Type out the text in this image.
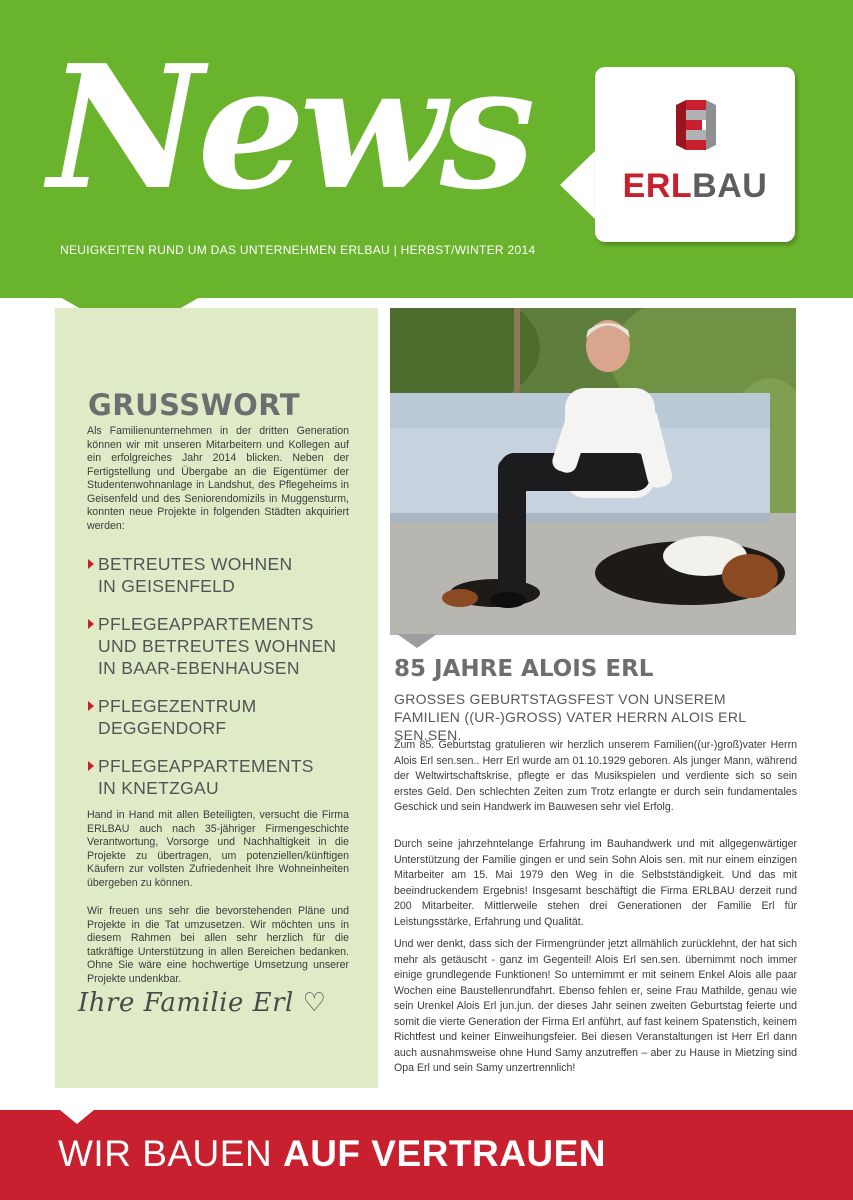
News
NEUIGKEITEN RUND UM DAS UNTERNEHMEN ERLBAU | HERBST/WINTER 2014
ERLBAU
GRUSSWORT
Als Familienunternehmen in der dritten Generation können wir mit unseren Mitarbeitern und Kollegen auf ein erfolgreiches Jahr 2014 blicken. Neben der Fertigstellung und Übergabe an die Eigentümer der Studentenwohnanlage in Landshut, des Pflegeheims in Geisenfeld und des Seniorendomizils in Muggensturm, konnten neue Projekte in folgenden Städten akquiriert werden:
BETREUTES WOHNEN
IN GEISENFELD
PFLEGEAPPARTEMENTS
UND BETREUTES WOHNEN
IN BAAR-EBENHAUSEN
PFLEGEZENTRUM
DEGGENDORF
PFLEGEAPPARTEMENTS
IN KNETZGAU
Hand in Hand mit allen Beteiligten, versucht die Firma ERLBAU auch nach 35-jähriger Firmengeschichte Verantwortung, Vorsorge und Nachhaltigkeit in die Projekte zu übertragen, um potenziellen/künftigen Käufern zur vollsten Zufriedenheit Ihre Wohneinheiten übergeben zu können.
Wir freuen uns sehr die bevorstehenden Pläne und Projekte in die Tat umzusetzen. Wir möchten uns in diesem Rahmen bei allen sehr herzlich für die tatkräftige Unterstützung in allen Bereichen bedanken. Ohne Sie wäre eine hochwertige Umsetzung unserer Projekte undenkbar.
Ihre Familie Erl ♡
85 JAHRE ALOIS ERL
GROSSES GEBURTSTAGSFEST VON UNSEREM FAMILIEN ((UR-)GROSS) VATER HERRN ALOIS ERL SEN.SEN.
Zum 85. Geburtstag gratulieren wir herzlich unserem Familien((ur-)groß)vater Herrn Alois Erl sen.sen.. Herr Erl wurde am 01.10.1929 geboren. Als junger Mann, während der Weltwirtschaftskrise, pflegte er das Musikspielen und verdiente sich so sein erstes Geld. Den schlechten Zeiten zum Trotz erlangte er durch sein fundamentales Geschick und sein Handwerk im Bauwesen sehr viel Erfolg.
Durch seine jahrzehntelange Erfahrung im Bauhandwerk und mit allgegenwärtiger Unterstützung der Familie gingen er und sein Sohn Alois sen. mit nur einem einzigen Mitarbeiter am 15. Mai 1979 den Weg in die Selbstständigkeit. Und das mit beeindruckendem Ergebnis! Insgesamt beschäftigt die Firma ERLBAU derzeit rund 200 Mitarbeiter. Mittlerweile stehen drei Generationen der Familie Erl für Leistungsstärke, Erfahrung und Qualität.
Und wer denkt, dass sich der Firmengründer jetzt allmählich zurücklehnt, der hat sich mehr als getäuscht - ganz im Gegenteil! Alois Erl sen.sen. übernimmt noch immer einige grundlegende Funktionen! So unternimmt er mit seinem Enkel Alois alle paar Wochen eine Baustellenrundfahrt. Ebenso fehlen er, seine Frau Mathilde, genau wie sein Urenkel Alois Erl jun.jun. der dieses Jahr seinen zweiten Geburtstag feierte und somit die vierte Generation der Firma Erl anführt, auf fast keinem Spatenstich, keinem Richtfest und keiner Einweihungsfeier. Bei diesen Veranstaltungen ist Herr Erl dann auch ausnahmsweise ohne Hund Samy anzutreffen – aber zu Hause in Mietzing sind Opa Erl und sein Samy unzertrennlich!
WIR BAUEN AUF VERTRAUEN
